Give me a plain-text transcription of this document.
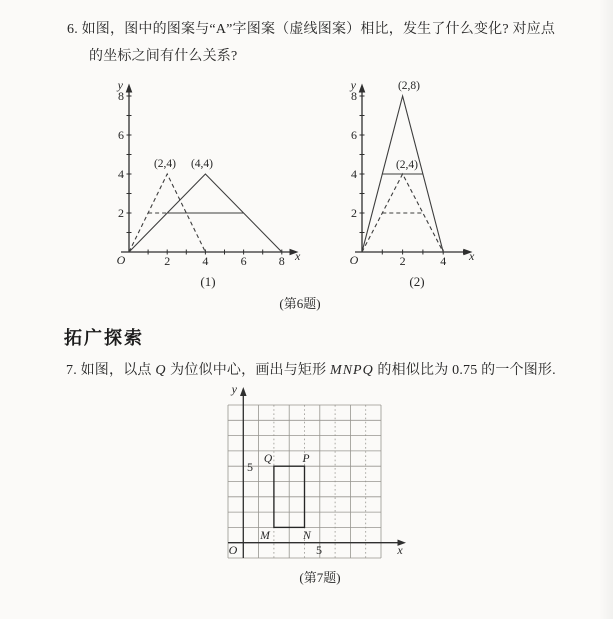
6. 如图，图中的图案与“A”字图案（虚线图案）相比，发生了什么变化? 对应点
的坐标之间有什么关系?
y
x
O	2	4	6	8
2
4
6
8
(2,4) (4,4)
(1)
y
x
O	2	4
2
4
6
8
(2,8)
(2,4)
(2)
(第6题)
拓广探索
7. 如图，以点 Q 为位似中心，画出与矩形 MNPQ 的相似比为 0.75 的一个图形.
y
x
O
5
5
Q	P
M	N
(第7题)
